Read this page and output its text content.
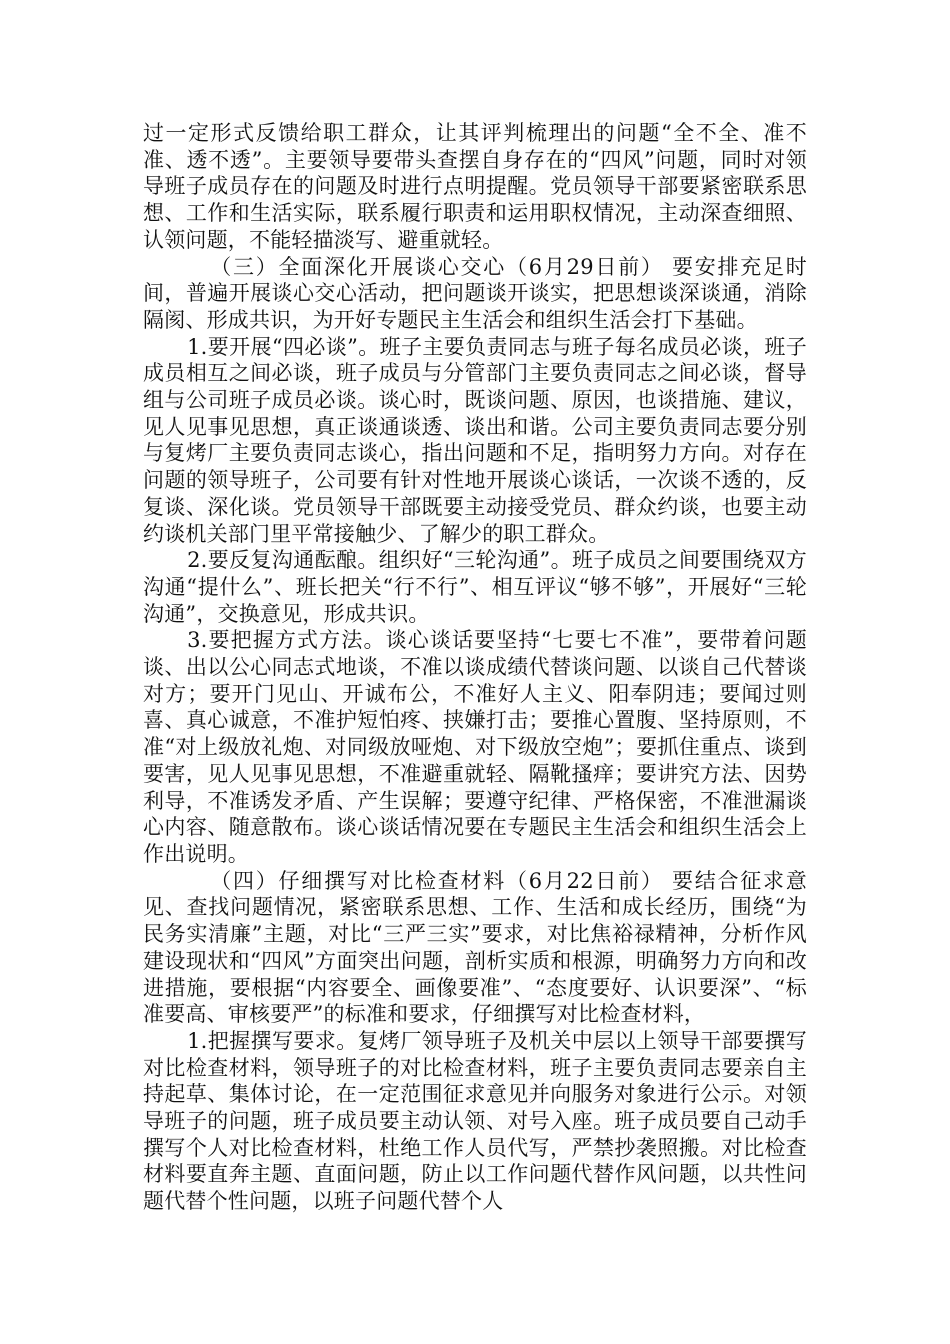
过一定形式反馈给职工群众，让其评判梳理出的问题“全不全、准不准、透不透”。主要领导要带头查摆自身存在的“四风”问题，同时对领导班子成员存在的问题及时进行点明提醒。党员领导干部要紧密联系思想、工作和生活实际，联系履行职责和运用职权情况，主动深查细照、认领问题，不能轻描淡写、避重就轻。

（三）全面深化开展谈心交心（6月29日前） 要安排充足时间，普遍开展谈心交心活动，把问题谈开谈实，把思想谈深谈通，消除隔阂、形成共识，为开好专题民主生活会和组织生活会打下基础。

1.要开展“四必谈”。班子主要负责同志与班子每名成员必谈，班子成员相互之间必谈，班子成员与分管部门主要负责同志之间必谈，督导组与公司班子成员必谈。谈心时，既谈问题、原因，也谈措施、建议，见人见事见思想，真正谈通谈透、谈出和谐。公司主要负责同志要分别与复烤厂主要负责同志谈心，指出问题和不足，指明努力方向。对存在问题的领导班子，公司要有针对性地开展谈心谈话，一次谈不透的，反复谈、深化谈。党员领导干部既要主动接受党员、群众约谈，也要主动约谈机关部门里平常接触少、了解少的职工群众。

2.要反复沟通酝酿。组织好“三轮沟通”。班子成员之间要围绕双方沟通“提什么”、班长把关“行不行”、相互评议“够不够”，开展好“三轮沟通”，交换意见，形成共识。

3.要把握方式方法。谈心谈话要坚持“七要七不准”，要带着问题谈、出以公心同志式地谈，不准以谈成绩代替谈问题、以谈自己代替谈对方；要开门见山、开诚布公，不准好人主义、阳奉阴违；要闻过则喜、真心诚意，不准护短怕疼、挟嫌打击；要推心置腹、坚持原则，不准“对上级放礼炮、对同级放哑炮、对下级放空炮”；要抓住重点、谈到要害，见人见事见思想，不准避重就轻、隔靴搔痒；要讲究方法、因势利导，不准诱发矛盾、产生误解；要遵守纪律、严格保密，不准泄漏谈心内容、随意散布。谈心谈话情况要在专题民主生活会和组织生活会上作出说明。

（四）仔细撰写对比检查材料（6月22日前） 要结合征求意见、查找问题情况，紧密联系思想、工作、生活和成长经历，围绕“为民务实清廉”主题，对比“三严三实”要求，对比焦裕禄精神，分析作风建设现状和“四风”方面突出问题，剖析实质和根源，明确努力方向和改进措施，要根据“内容要全、画像要准”、“态度要好、认识要深”、“标准要高、审核要严”的标准和要求，仔细撰写对比检查材料，

1.把握撰写要求。复烤厂领导班子及机关中层以上领导干部要撰写对比检查材料，领导班子的对比检查材料，班子主要负责同志要亲自主持起草、集体讨论，在一定范围征求意见并向服务对象进行公示。对领导班子的问题，班子成员要主动认领、对号入座。班子成员要自己动手撰写个人对比检查材料，杜绝工作人员代写，严禁抄袭照搬。对比检查材料要直奔主题、直面问题，防止以工作问题代替作风问题，以共性问题代替个性问题，以班子问题代替个人
